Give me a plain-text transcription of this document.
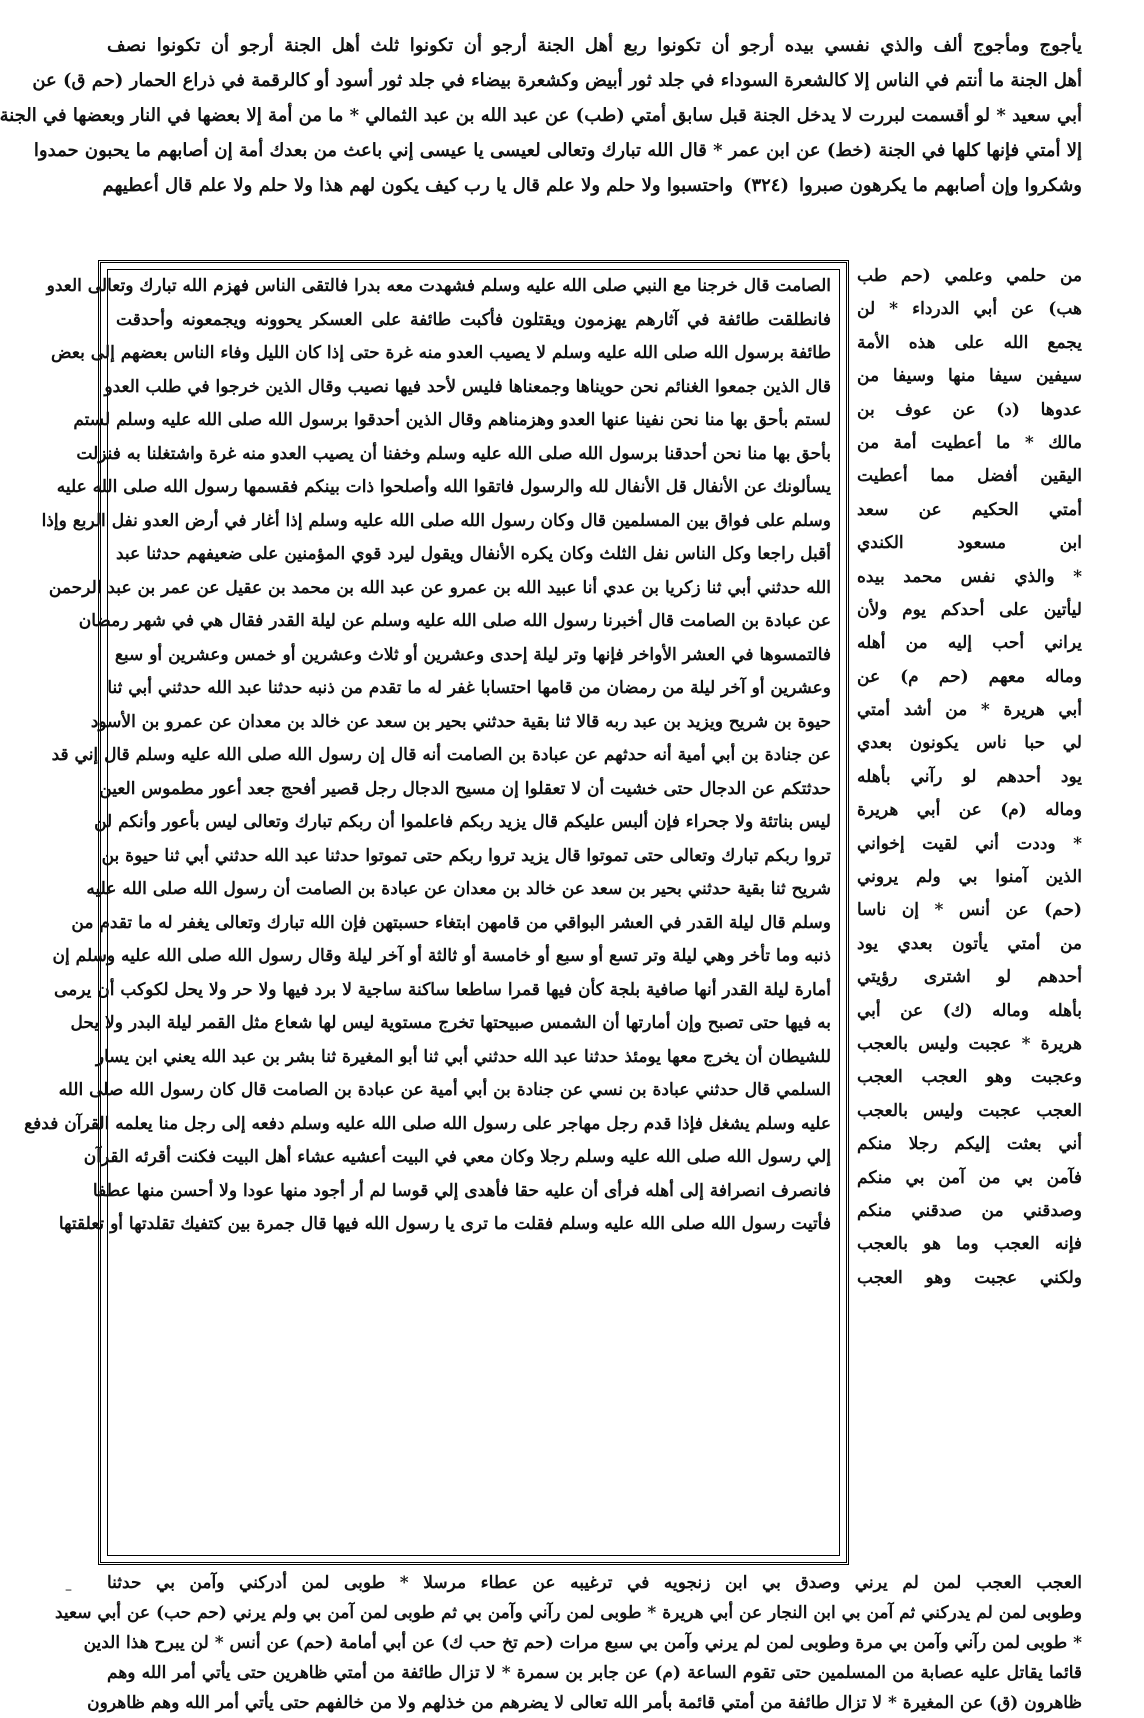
يأجوج ومأجوج ألف والذي نفسي بيده أرجو أن تكونوا ربع أهل الجنة أرجو أن تكونوا ثلث أهل الجنة أرجو أن تكونوا نصف
أهل الجنة ما أنتم في الناس إلا كالشعرة السوداء في جلد ثور أبيض وكشعرة بيضاء في جلد ثور أسود أو كالرقمة في ذراع الحمار (حم ق) عن
أبي سعيد * لو أقسمت لبررت لا يدخل الجنة قبل سابق أمتي (طب) عن عبد الله بن عبد الثمالي * ما من أمة إلا بعضها في النار وبعضها في الجنة
إلا أمتي فإنها كلها في الجنة (خط) عن ابن عمر * قال الله تبارك وتعالى لعيسى يا عيسى إني باعث من بعدك أمة إن أصابهم ما يحبون حمدوا
وشكروا وإن أصابهم ما يكرهون صبروا
(٣٢٤)
واحتسبوا ولا حلم ولا علم قال يا رب كيف يكون لهم هذا ولا حلم ولا علم قال أعطيهم
الصامت قال خرجنا مع النبي صلى الله عليه وسلم فشهدت معه بدرا فالتقى الناس فهزم الله تبارك وتعالى العدو
فانطلقت طائفة في آثارهم يهزمون ويقتلون فأكبت طائفة على العسكر يحوونه ويجمعونه وأحدقت
طائفة برسول الله صلى الله عليه وسلم لا يصيب العدو منه غرة حتى إذا كان الليل وفاء الناس بعضهم إلى بعض
قال الذين جمعوا الغنائم نحن حويناها وجمعناها فليس لأحد فيها نصيب وقال الذين خرجوا في طلب العدو
لستم بأحق بها منا نحن نفينا عنها العدو وهزمناهم وقال الذين أحدقوا برسول الله صلى الله عليه وسلم لستم
بأحق بها منا نحن أحدقنا برسول الله صلى الله عليه وسلم وخفنا أن يصيب العدو منه غرة واشتغلنا به فنزلت
يسألونك عن الأنفال قل الأنفال لله والرسول فاتقوا الله وأصلحوا ذات بينكم فقسمها رسول الله صلى الله عليه
وسلم على فواق بين المسلمين قال وكان رسول الله صلى الله عليه وسلم إذا أغار في أرض العدو نفل الربع وإذا
أقبل راجعا وكل الناس نفل الثلث وكان يكره الأنفال ويقول ليرد قوي المؤمنين على ضعيفهم حدثنا عبد
الله حدثني أبي ثنا زكريا بن عدي أنا عبيد الله بن عمرو عن عبد الله بن محمد بن عقيل عن عمر بن عبد الرحمن
عن عبادة بن الصامت قال أخبرنا رسول الله صلى الله عليه وسلم عن ليلة القدر فقال هي في شهر رمضان
فالتمسوها في العشر الأواخر فإنها وتر ليلة إحدى وعشرين أو ثلاث وعشرين أو خمس وعشرين أو سبع
وعشرين أو آخر ليلة من رمضان من قامها احتسابا غفر له ما تقدم من ذنبه حدثنا عبد الله حدثني أبي ثنا
حيوة بن شريح ويزيد بن عبد ربه قالا ثنا بقية حدثني بحير بن سعد عن خالد بن معدان عن عمرو بن الأسود
عن جنادة بن أبي أمية أنه حدثهم عن عبادة بن الصامت أنه قال إن رسول الله صلى الله عليه وسلم قال إني قد
حدثتكم عن الدجال حتى خشيت أن لا تعقلوا إن مسيح الدجال رجل قصير أفحج جعد أعور مطموس العين
ليس بناتئة ولا جحراء فإن ألبس عليكم قال يزيد ربكم فاعلموا أن ربكم تبارك وتعالى ليس بأعور وأنكم لن
تروا ربكم تبارك وتعالى حتى تموتوا قال يزيد تروا ربكم حتى تموتوا حدثنا عبد الله حدثني أبي ثنا حيوة بن
شريح ثنا بقية حدثني بحير بن سعد عن خالد بن معدان عن عبادة بن الصامت أن رسول الله صلى الله عليه
وسلم قال ليلة القدر في العشر البواقي من قامهن ابتغاء حسبتهن فإن الله تبارك وتعالى يغفر له ما تقدم من
ذنبه وما تأخر وهي ليلة وتر تسع أو سبع أو خامسة أو ثالثة أو آخر ليلة وقال رسول الله صلى الله عليه وسلم إن
أمارة ليلة القدر أنها صافية بلجة كأن فيها قمرا ساطعا ساكنة ساجية لا برد فيها ولا حر ولا يحل لكوكب أن يرمى
به فيها حتى تصبح وإن أمارتها أن الشمس صبيحتها تخرج مستوية ليس لها شعاع مثل القمر ليلة البدر ولا يحل
للشيطان أن يخرج معها يومئذ حدثنا عبد الله حدثني أبي ثنا أبو المغيرة ثنا بشر بن عبد الله يعني ابن يسار
السلمي قال حدثني عبادة بن نسي عن جنادة بن أبي أمية عن عبادة بن الصامت قال كان رسول الله صلى الله
عليه وسلم يشغل فإذا قدم رجل مهاجر على رسول الله صلى الله عليه وسلم دفعه إلى رجل منا يعلمه القرآن فدفع
إلي رسول الله صلى الله عليه وسلم رجلا وكان معي في البيت أعشيه عشاء أهل البيت فكنت أقرئه القرآن
فانصرف انصرافة إلى أهله فرأى أن عليه حقا فأهدى إلي قوسا لم أر أجود منها عودا ولا أحسن منها عطفا
فأتيت رسول الله صلى الله عليه وسلم فقلت ما ترى يا رسول الله فيها قال جمرة بين كتفيك تقلدتها أو تعلقتها
من حلمي وعلمي (حم طب
هب) عن أبي الدرداء * لن
يجمع الله على هذه الأمة
سيفين سيفا منها وسيفا من
عدوها (د) عن عوف بن
مالك * ما أعطيت أمة من
اليقين أفضل مما أعطيت
أمتي الحكيم عن سعد
ابن مسعود الكندي
* والذي نفس محمد بيده
ليأتين على أحدكم يوم ولأن
يراني أحب إليه من أهله
وماله معهم (حم م) عن
أبي هريرة * من أشد أمتي
لي حبا ناس يكونون بعدي
يود أحدهم لو رآني بأهله
وماله (م) عن أبي هريرة
* وددت أني لقيت إخواني
الذين آمنوا بي ولم يروني
(حم) عن أنس * إن ناسا
من أمتي يأتون بعدي يود
أحدهم لو اشترى رؤيتي
بأهله وماله (ك) عن أبي
هريرة * عجبت وليس بالعجب
وعجبت وهو العجب العجب
العجب عجبت وليس بالعجب
أني بعثت إليكم رجلا منكم
فآمن بي من آمن بي منكم
وصدقني من صدقني منكم
فإنه العجب وما هو بالعجب
ولكني عجبت وهو العجب
العجب العجب لمن لم يرني وصدق بي ابن زنجويه في ترغيبه عن عطاء مرسلا * طوبى لمن أدركني وآمن بي حدثنا
وطوبى لمن لم يدركني ثم آمن بي ابن النجار عن أبي هريرة * طوبى لمن رآني وآمن بي ثم طوبى لمن آمن بي ولم يرني (حم حب) عن أبي سعيد
* طوبى لمن رآني وآمن بي مرة وطوبى لمن لم يرني وآمن بي سبع مرات (حم تخ حب ك) عن أبي أمامة (حم) عن أنس * لن يبرح هذا الدين
قائما يقاتل عليه عصابة من المسلمين حتى تقوم الساعة (م) عن جابر بن سمرة * لا تزال طائفة من أمتي ظاهرين حتى يأتي أمر الله وهم
ظاهرون (ق) عن المغيرة * لا تزال طائفة من أمتي قائمة بأمر الله تعالى لا يضرهم من خذلهم ولا من خالفهم حتى يأتي أمر الله وهم ظاهرون
–
